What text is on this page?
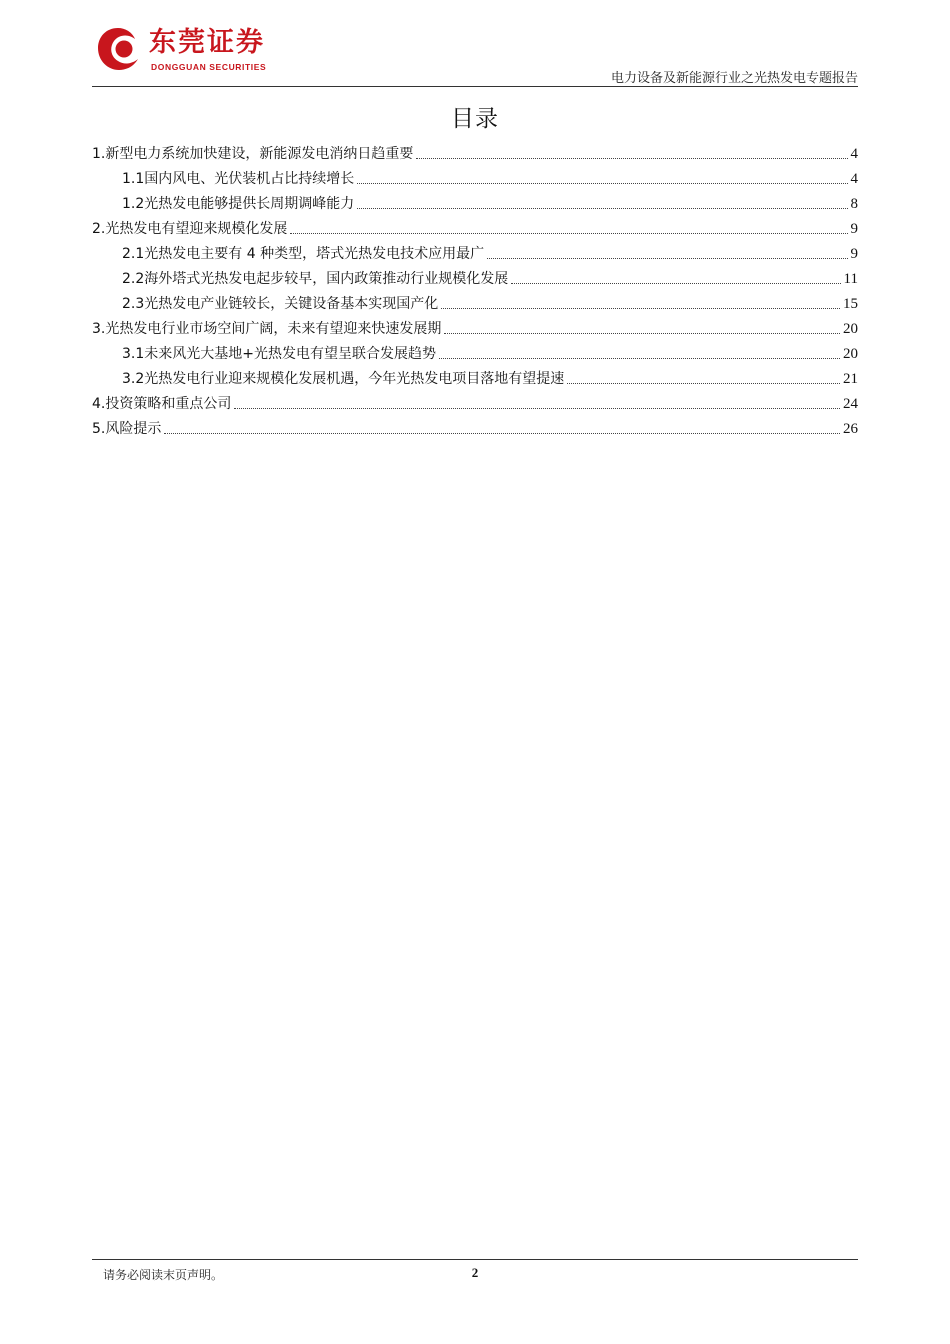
东莞证券
DONGGUAN SECURITIES
电力设备及新能源行业之光热发电专题报告
目录
1. 新型电力系统加快建设，新能源发电消纳日趋重要	4
1.1 国内风电、光伏装机占比持续增长	4
1.2 光热发电能够提供长周期调峰能力	8
2. 光热发电有望迎来规模化发展	9
2.1 光热发电主要有 4 种类型，塔式光热发电技术应用最广	9
2.2 海外塔式光热发电起步较早，国内政策推动行业规模化发展	11
2.3 光热发电产业链较长，关键设备基本实现国产化	15
3. 光热发电行业市场空间广阔，未来有望迎来快速发展期	20
3.1 未来风光大基地+光热发电有望呈联合发展趋势	20
3.2 光热发电行业迎来规模化发展机遇，今年光热发电项目落地有望提速	21
4. 投资策略和重点公司	24
5. 风险提示	26
请务必阅读末页声明。	2
